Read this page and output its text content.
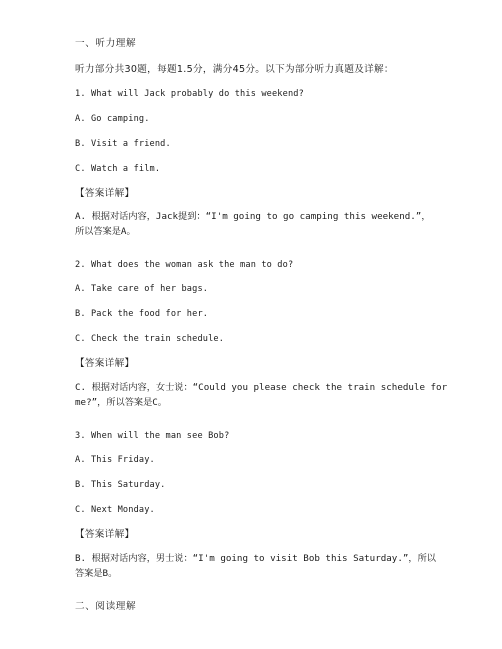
一、听力理解
听力部分共30题，每题1.5分，满分45分。以下为部分听力真题及详解：
1. What will Jack probably do this weekend?
A. Go camping.
B. Visit a friend.
C. Watch a film.
【答案详解】
A. 根据对话内容，Jack提到：“I'm going to go camping this weekend.”，
所以答案是A。
2. What does the woman ask the man to do?
A. Take care of her bags.
B. Pack the food for her.
C. Check the train schedule.
【答案详解】
C. 根据对话内容，女士说：“Could you please check the train schedule for
me?”，所以答案是C。
3. When will the man see Bob?
A. This Friday.
B. This Saturday.
C. Next Monday.
【答案详解】
B. 根据对话内容，男士说：“I'm going to visit Bob this Saturday.”，所以
答案是B。
二、阅读理解
